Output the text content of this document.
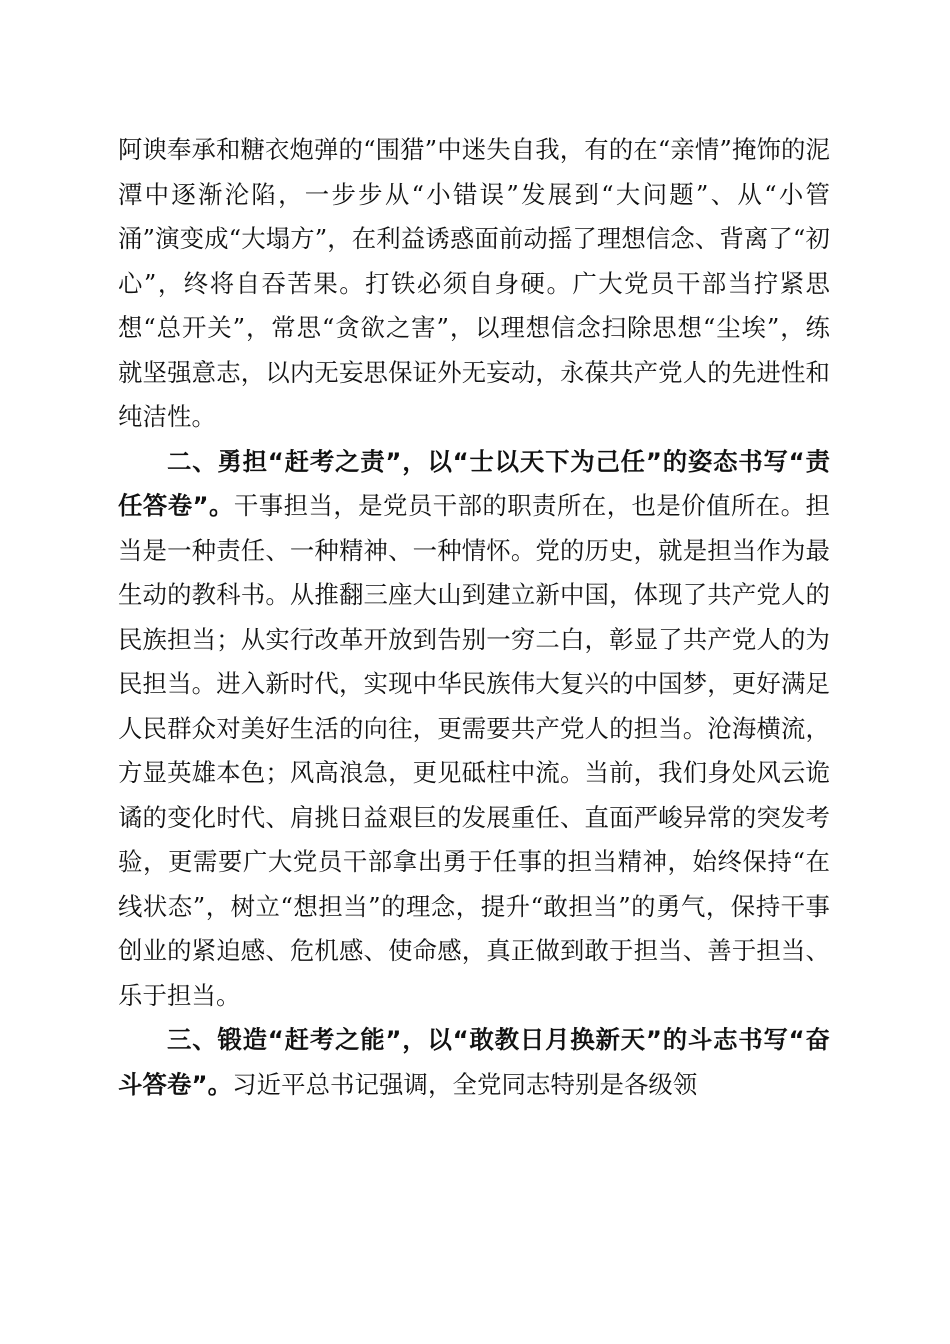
阿谀奉承和糖衣炮弹的“围猎”中迷失自我，有的在“亲情”掩饰的泥潭中逐渐沦陷，一步步从“小错误”发展到“大问题”、从“小管涌”演变成“大塌方”，在利益诱惑面前动摇了理想信念、背离了“初心”，终将自吞苦果。打铁必须自身硬。广大党员干部当拧紧思想“总开关”，常思“贪欲之害”，以理想信念扫除思想“尘埃”，练就坚强意志，以内无妄思保证外无妄动，永葆共产党人的先进性和纯洁性。

二、勇担“赶考之责”，以“士以天下为己任”的姿态书写“责任答卷”。干事担当，是党员干部的职责所在，也是价值所在。担当是一种责任、一种精神、一种情怀。党的历史，就是担当作为最生动的教科书。从推翻三座大山到建立新中国，体现了共产党人的民族担当；从实行改革开放到告别一穷二白，彰显了共产党人的为民担当。进入新时代，实现中华民族伟大复兴的中国梦，更好满足人民群众对美好生活的向往，更需要共产党人的担当。沧海横流，方显英雄本色；风高浪急，更见砥柱中流。当前，我们身处风云诡谲的变化时代、肩挑日益艰巨的发展重任、直面严峻异常的突发考验，更需要广大党员干部拿出勇于任事的担当精神，始终保持“在线状态”，树立“想担当”的理念，提升“敢担当”的勇气，保持干事创业的紧迫感、危机感、使命感，真正做到敢于担当、善于担当、乐于担当。

三、锻造“赶考之能”，以“敢教日月换新天”的斗志书写“奋斗答卷”。习近平总书记强调，全党同志特别是各级领
